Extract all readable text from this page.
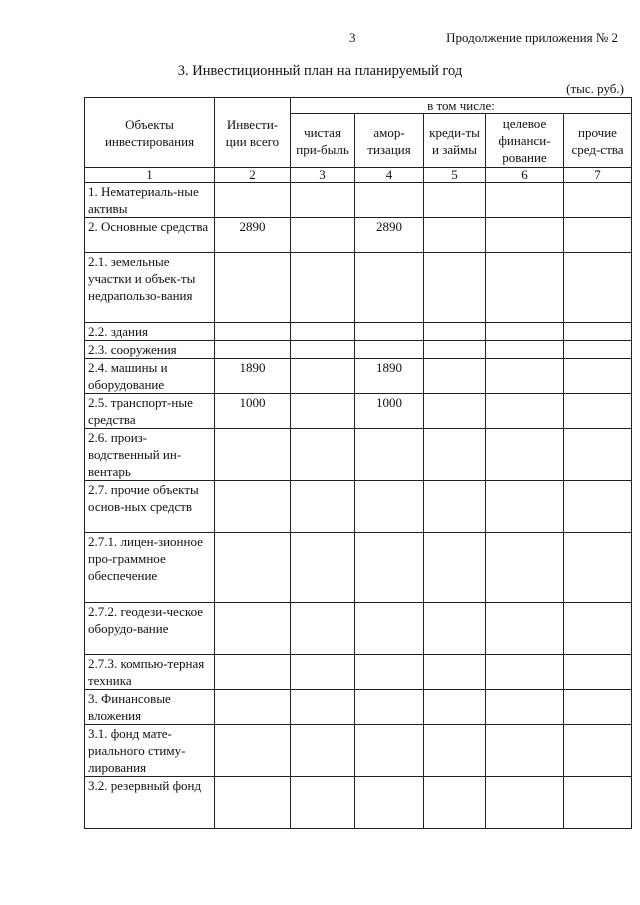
3	Продолжение приложения № 2
3. Инвестиционный план на планируемый год
(тыс. руб.)
Объекты инвестирования	Инвести-ции всего	в том числе:				
		чистая при-быль	амор-тизация	креди-ты и займы	целевое финанси-рование	прочие сред-ства
1	2	3	4	5	6	7
1. Нематериаль-ные активы						
2. Основные средства	2890		2890			
2.1. земельные участки и объек-ты недрапользо-вания						
2.2. здания						
2.3. сооружения						
2.4. машины и оборудование	1890		1890			
2.5. транспорт-ные средства	1000		1000			
2.6. произ-водственный ин-вентарь						
2.7. прочие объекты основ-ных средств						
2.7.1. лицен-зионное про-граммное обеспечение						
2.7.2. геодези-ческое оборудо-вание						
2.7.3. компью-терная техника						
3. Финансовые вложения						
3.1. фонд мате-риального стиму-лирования						
3.2. резервный фонд						
